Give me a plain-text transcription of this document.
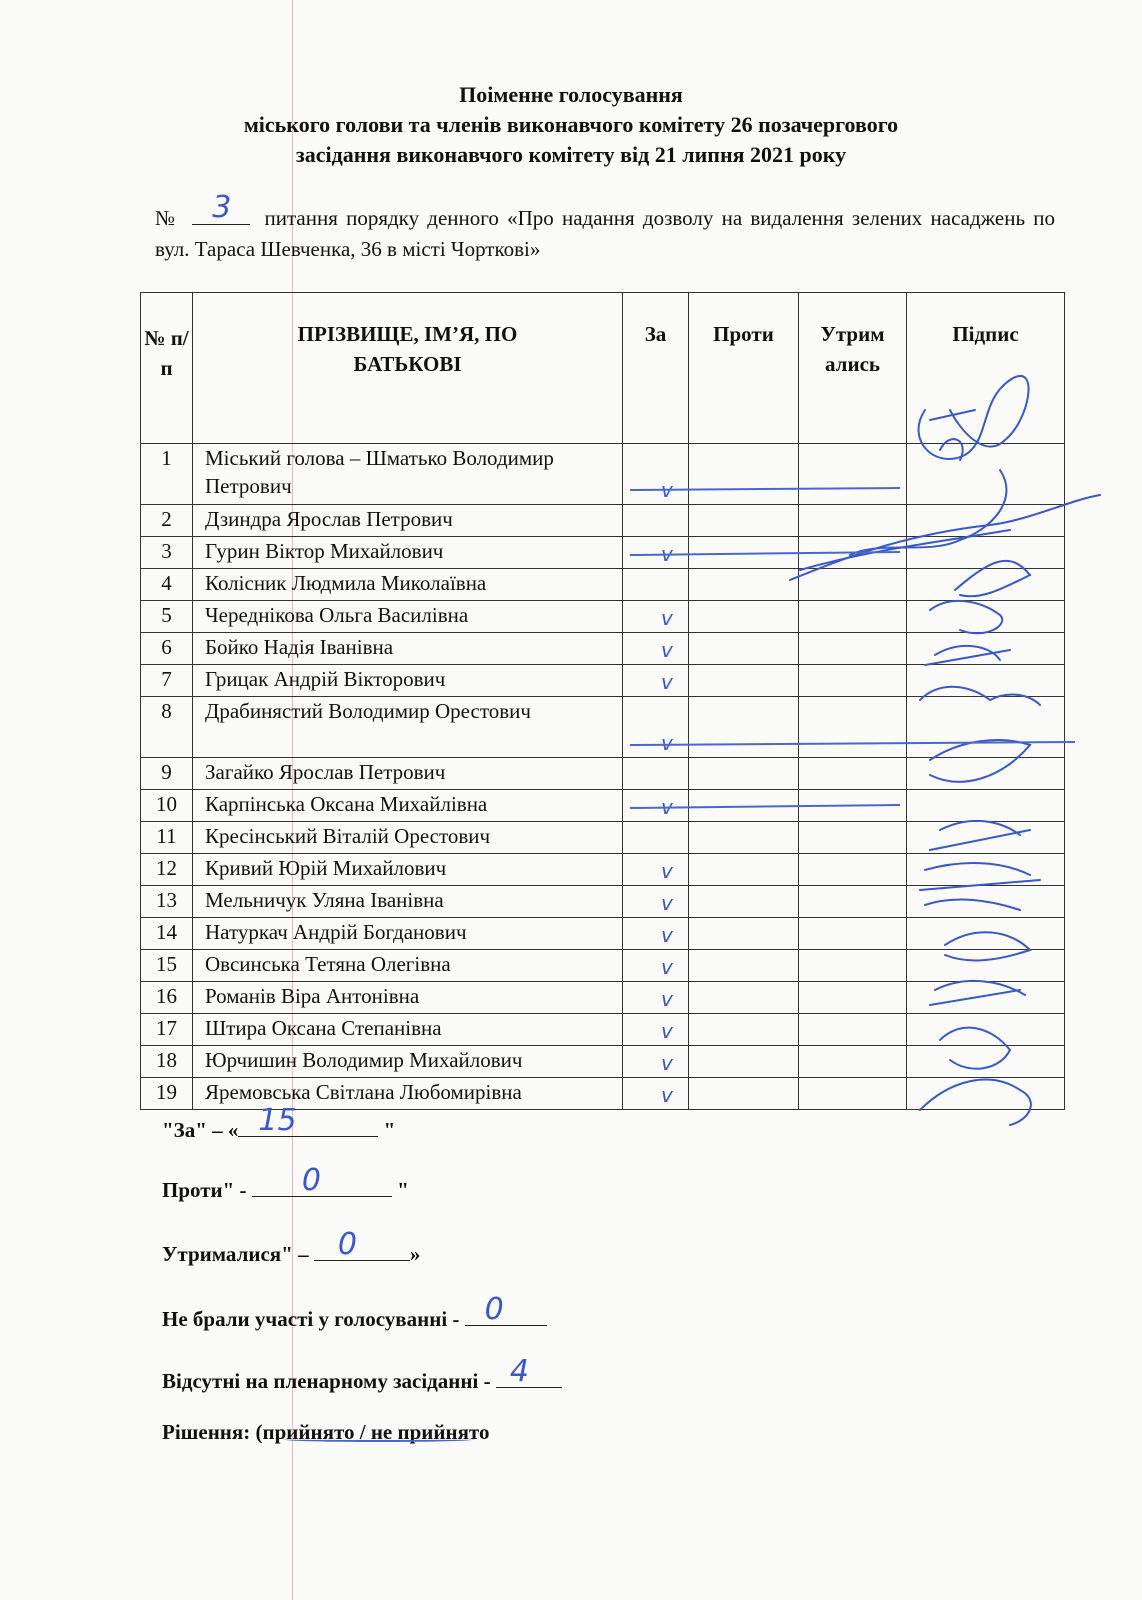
Поіменне голосування
міського голови та членів виконавчого комітету 26 позачергового
засідання виконавчого комітету від 21 липня 2021 року
№ 3 питання порядку денного «Про надання дозволу на видалення зелених насаджень по вул. Тараса Шевченка, 36 в місті Чорткові»
№ п/ п	ПРІЗВИЩЕ, ІМ’Я, ПО БАТЬКОВІ	За	Проти	Утрим ались	Підпис
1	Міський голова – Шматько Володимир Петрович	v			

2	Дзиндра Ярослав Петрович	

3	Гурин Віктор Михайлович	v			

4	Колісник Людмила Миколаївна	

5	Череднікова Ольга Василівна	v			

6	Бойко Надія Іванівна	v			

7	Грицак Андрій Вікторович	v			

8	Драбинястий Володимир Орестович	v			

9	Загайко Ярослав Петрович	

10	Карпінська Оксана Михайлівна	v			

11	Кресінський Віталій Орестович	

12	Кривий Юрій Михайлович	v			

13	Мельничук Уляна Іванівна	v			

14	Натуркач Андрій Богданович	v			

15	Овсинська Тетяна Олегівна	v			

16	Романів Віра Антонівна	v			

17	Штира Оксана Степанівна	v			

18	Юрчишин Володимир Михайлович	v			

19	Яремовська Світлана Любомирівна	v			

"За" – « 15	"
Проти" - 0	"
Утрималися" – 0	»
Не брали участі у голосуванні - 0
Відсутні на пленарному засіданні - 4
Рішення: (прийнято / не прийнято
